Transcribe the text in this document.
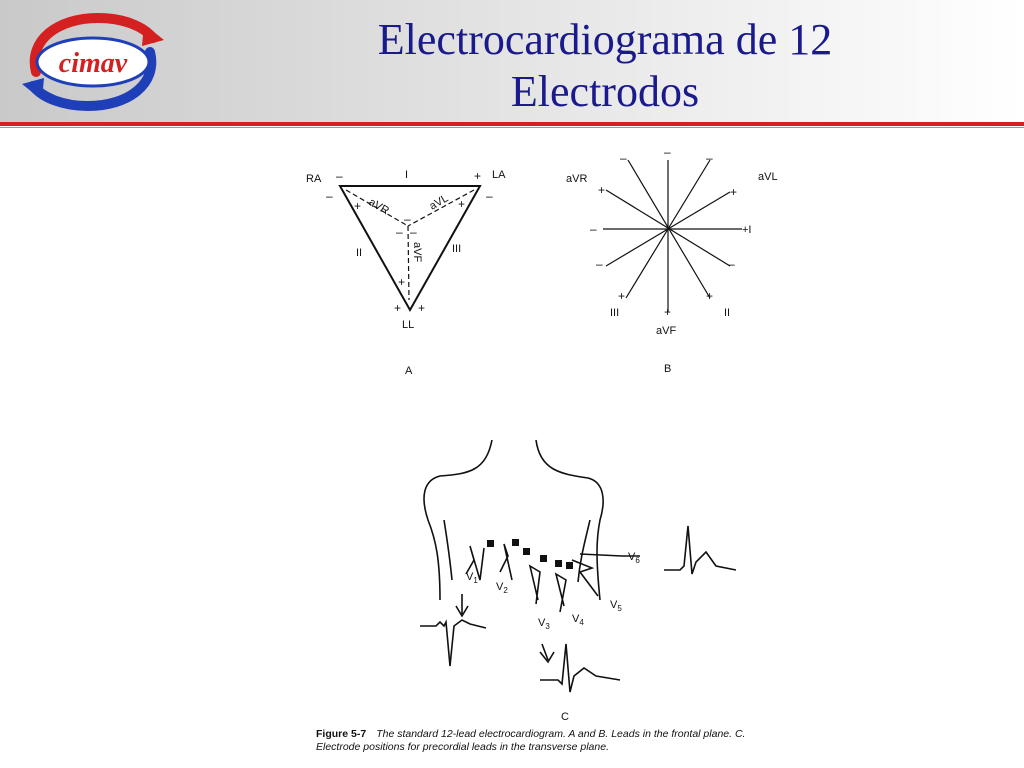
cimav	Electrocardiograma de 12
Electrodos
RA	LA
LL
I
II	III
aVR	aVL
aVF
–	+
–	–
+	+
–
– –
+
+ +
A
aVR	aVL
aVF
+I
II
III
–
–	–
+	+
–
–	–
+	+
+
B
$V_1$
$V_2$
$V_3$
$V_4$
$V_5$
$V_6$
C
Figure 5-7 The standard 12-lead electrocardiogram. A and B. Leads in the frontal plane. C.
Electrode positions for precordial leads in the transverse plane.
